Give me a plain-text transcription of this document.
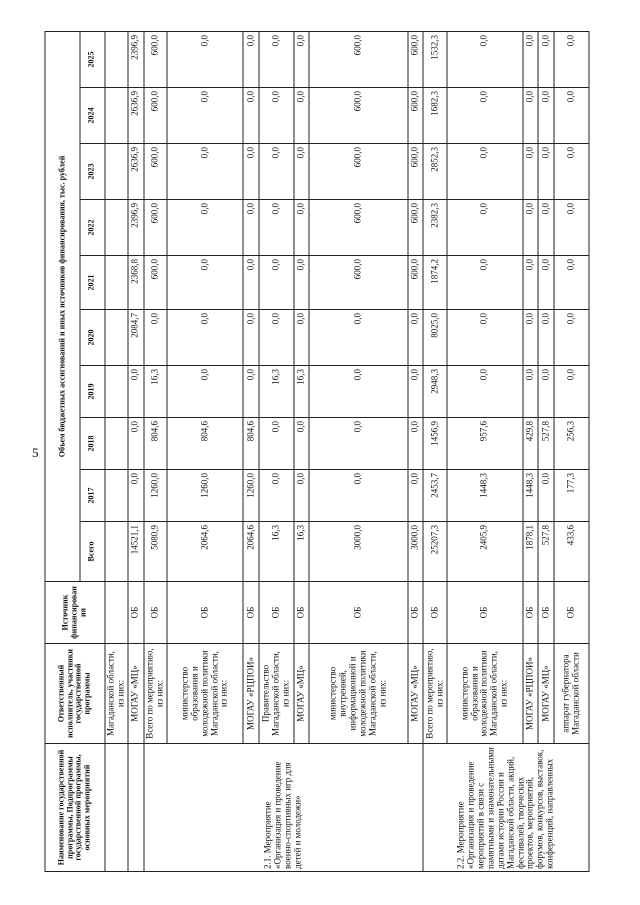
5
Наименование государственной программы, Подпрограммы государственной программы, основных мероприятий	Ответственный исполнитель, участники государственной программы	Источник финансирования	Объем бюджетных ассигнований и иных источников финансирования, тыс. рублей									
			Всего	2017	2018	2019	2020	2021	2022	2023	2024	2025
	Магаданской области, из них:											
	МОГАУ «МЦ»	ОБ	14521,1	0,0	0,0	0,0	2084,7	2368,8	2396,9	2636,9	2636,9	2396,9
2.1. Мероприятие «Организация и проведение военно-спортивных игр для детей и молодежи»	Всего по мероприятию, из них:	ОБ	5080,9	1260,0	804,6	16,3	0,0	600,0	600,0	600,0	600,0	600,0
	министерство образования и молодежной политики Магаданской области, из них:	ОБ	2064,6	1260,0	804,6	0,0	0,0	0,0	0,0	0,0	0,0	0,0
	МОГАУ «РЦПОИ»	ОБ	2064,6	1260,0	804,6	0,0	0,0	0,0	0,0	0,0	0,0	0,0
	Правительство Магаданской области, из них:	ОБ	16,3	0,0	0,0	16,3	0,0	0,0	0,0	0,0	0,0	0,0
	МОГАУ «МЦ»	ОБ	16,3	0,0	0,0	16,3	0,0	0,0	0,0	0,0	0,0	0,0
	министерство внутренней, информационной и молодежной политики Магаданской области, из них:	ОБ	3000,0	0,0	0,0	0,0	0,0	600,0	600,0	600,0	600,0	600,0
	МОГАУ «МЦ»	ОБ	3000,0	0,0	0,0	0,0	0,0	600,0	600,0	600,0	600,0	600,0
2.2. Мероприятие «Организация и проведение мероприятий в связи с памятными и знаменательными датами истории России и Магаданской области, акций, фестивалей, творческих проектов, мероприятий, форумов, конкурсов, выставок, конференций, направленных	Всего по мероприятию, из них:	ОБ	25207,3	2453,7	1456,9	2948,3	8025,0	1874,2	2382,3	2852,3	1682,3	1532,3
	министерство образования и молодежной политики Магаданской области, из них:	ОБ	2405,9	1448,3	957,6	0,0	0,0	0,0	0,0	0,0	0,0	0,0
	МОГАУ «РЦПОИ»	ОБ	1878,1	1448,3	429,8	0,0	0,0	0,0	0,0	0,0	0,0	0,0
	МОГАУ «МЦ»	ОБ	527,8	0,0	527,8	0,0	0,0	0,0	0,0	0,0	0,0	0,0
	аппарат губернатора Магаданской области	ОБ	433,6	177,3	256,3	0,0	0,0	0,0	0,0	0,0	0,0	0,0
